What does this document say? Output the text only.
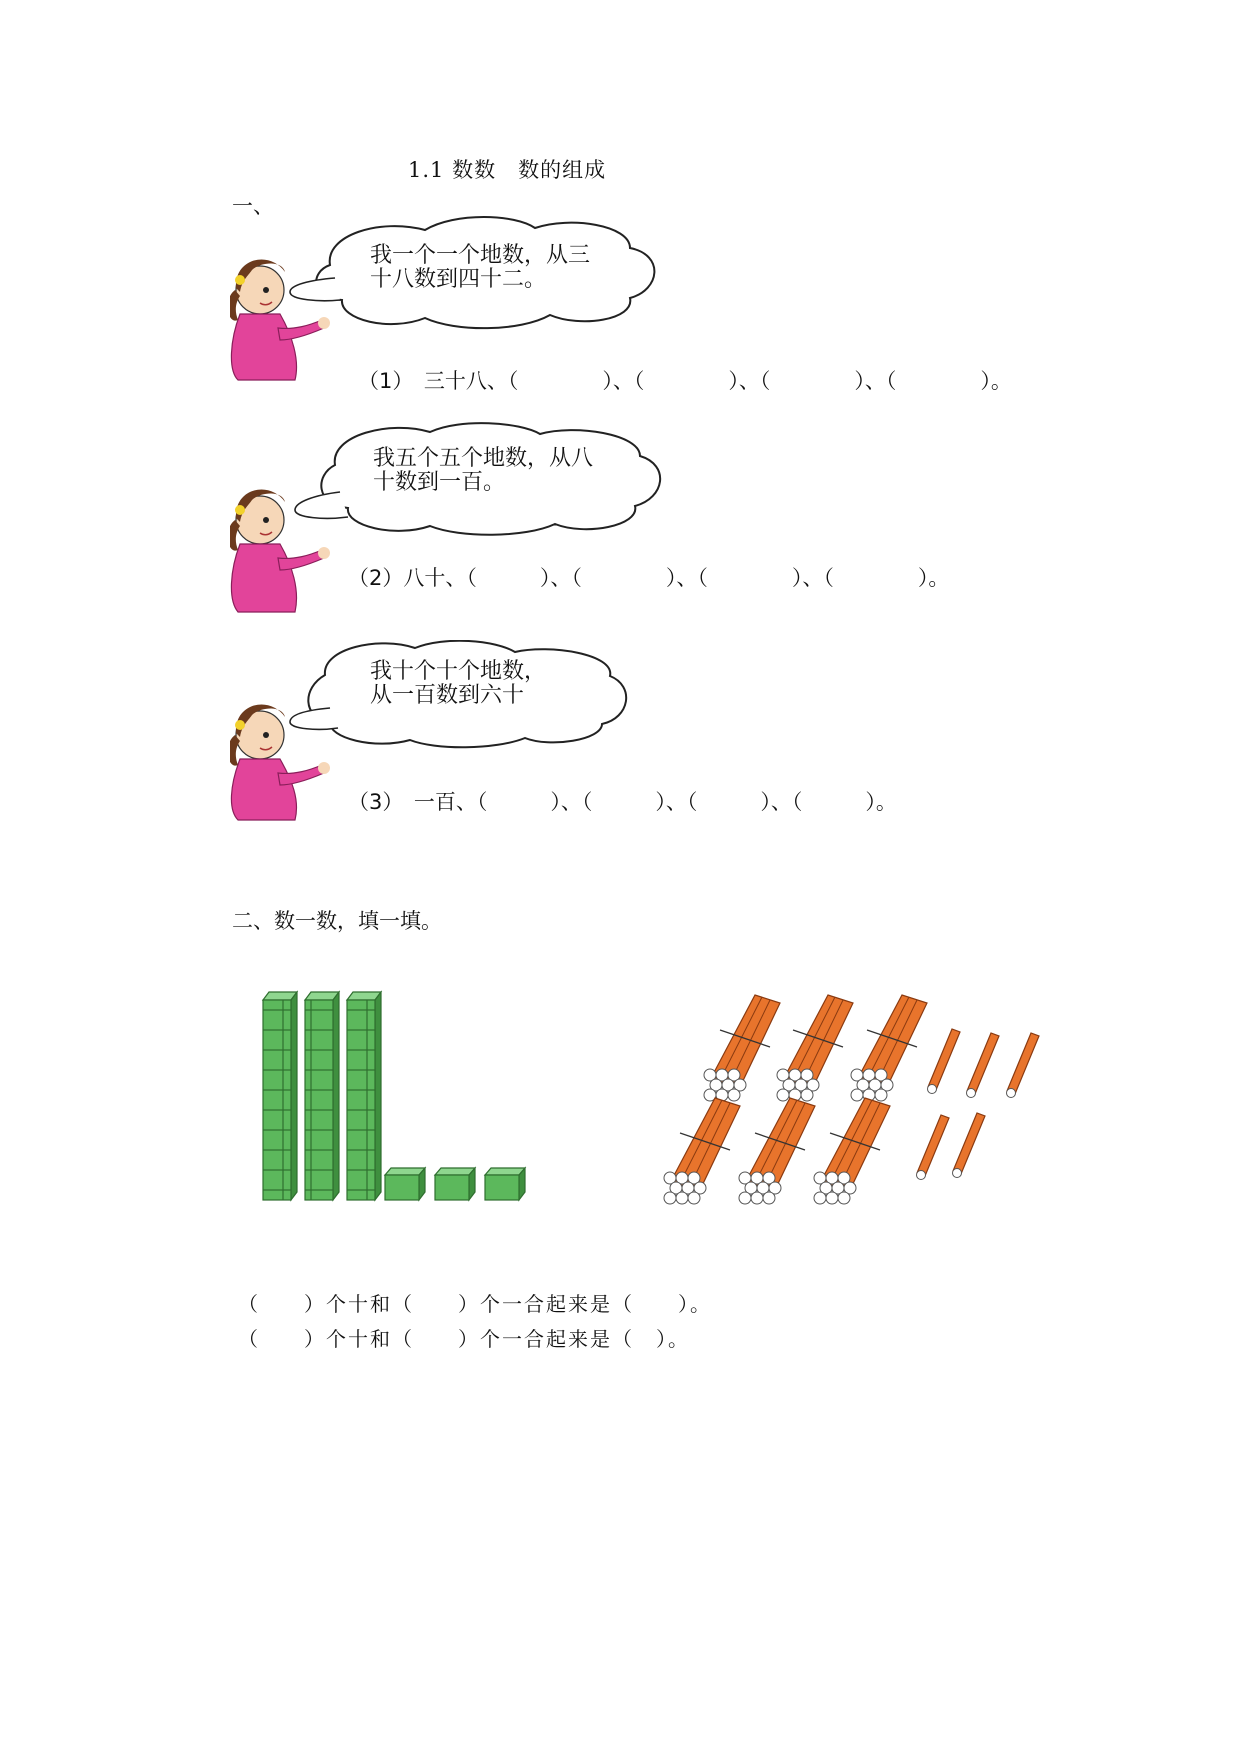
1.1 数数　数的组成
一、
我一个一个地数，从三
十八数到四十二。
（1）　三十八、（　　　　）、（　　　　）、（　　　　）、（　　　　）。
我五个五个地数，从八
十数到一百。
（2）八十、（　　　）、（　　　　）、（　　　　）、（　　　　）。
我十个十个地数，
从一百数到六十
（3）　一百、（　　　）、（　　　）、（　　　）、（　　　）。
二、数一数，填一填。
（　　）个十和（　　）个一合起来是（　　）。
（　　）个十和（　　）个一合起来是（　）。
